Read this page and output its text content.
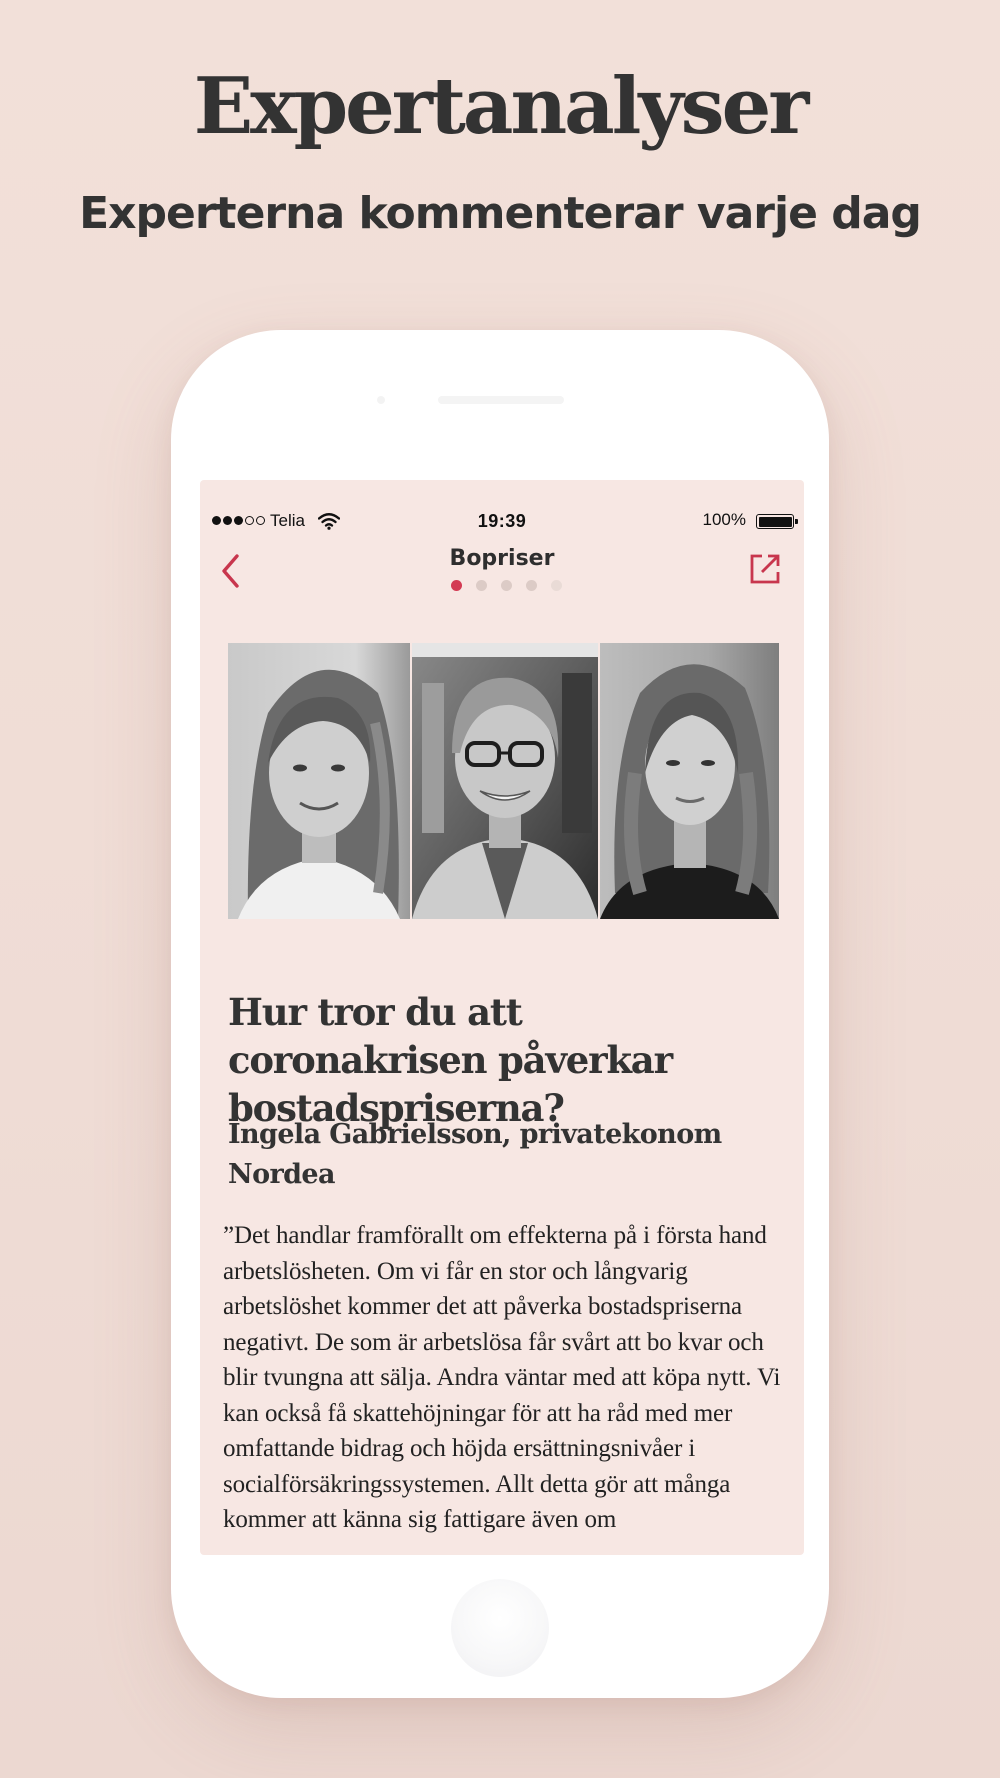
Expertanalyser
Experterna kommenterar varje dag
Telia	19:39	100%
Bopriser
Hur tror du att coronakrisen påverkar bostadspriserna?
Ingela Gabrielsson, privatekonom Nordea
”Det handlar framförallt om effekterna på i första hand arbetslösheten. Om vi får en stor och långvarig arbetslöshet kommer det att påverka bostadspriserna negativt. De som är arbetslösa får svårt att bo kvar och blir tvungna att sälja. Andra väntar med att köpa nytt. Vi kan också få skattehöjningar för att ha råd med mer omfattande bidrag och höjda ersättningsnivåer i socialförsäkringssystemen. Allt detta gör att många kommer att känna sig fattigare även om
